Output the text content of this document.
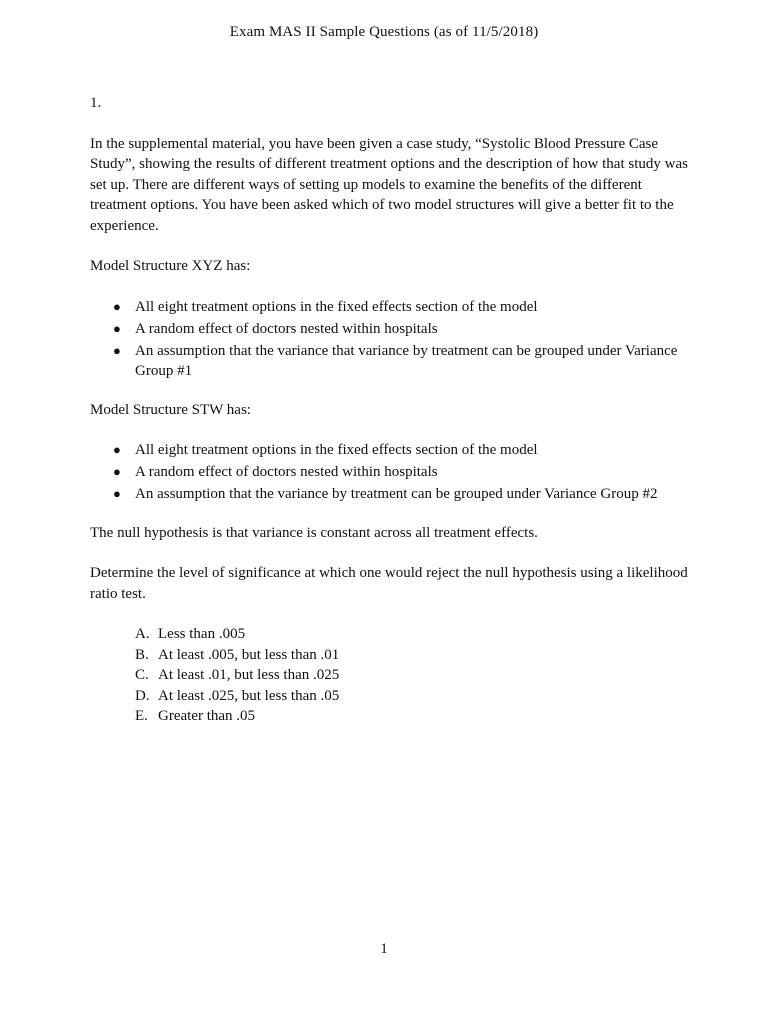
Exam MAS II Sample Questions (as of 11/5/2018)

1.

In the supplemental material, you have been given a case study, “Systolic Blood Pressure Case Study”, showing the results of different treatment options and the description of how that study was set up. There are different ways of setting up models to examine the benefits of the different treatment options. You have been asked which of two model structures will give a better fit to the experience.

Model Structure XYZ has:

● All eight treatment options in the fixed effects section of the model
● A random effect of doctors nested within hospitals
● An assumption that the variance that variance by treatment can be grouped under Variance Group #1

Model Structure STW has:

● All eight treatment options in the fixed effects section of the model
● A random effect of doctors nested within hospitals
● An assumption that the variance by treatment can be grouped under Variance Group #2

The null hypothesis is that variance is constant across all treatment effects.

Determine the level of significance at which one would reject the null hypothesis using a likelihood ratio test.

A. Less than .005
B. At least .005, but less than .01
C. At least .01, but less than .025
D. At least .025, but less than .05
E. Greater than .05
1
